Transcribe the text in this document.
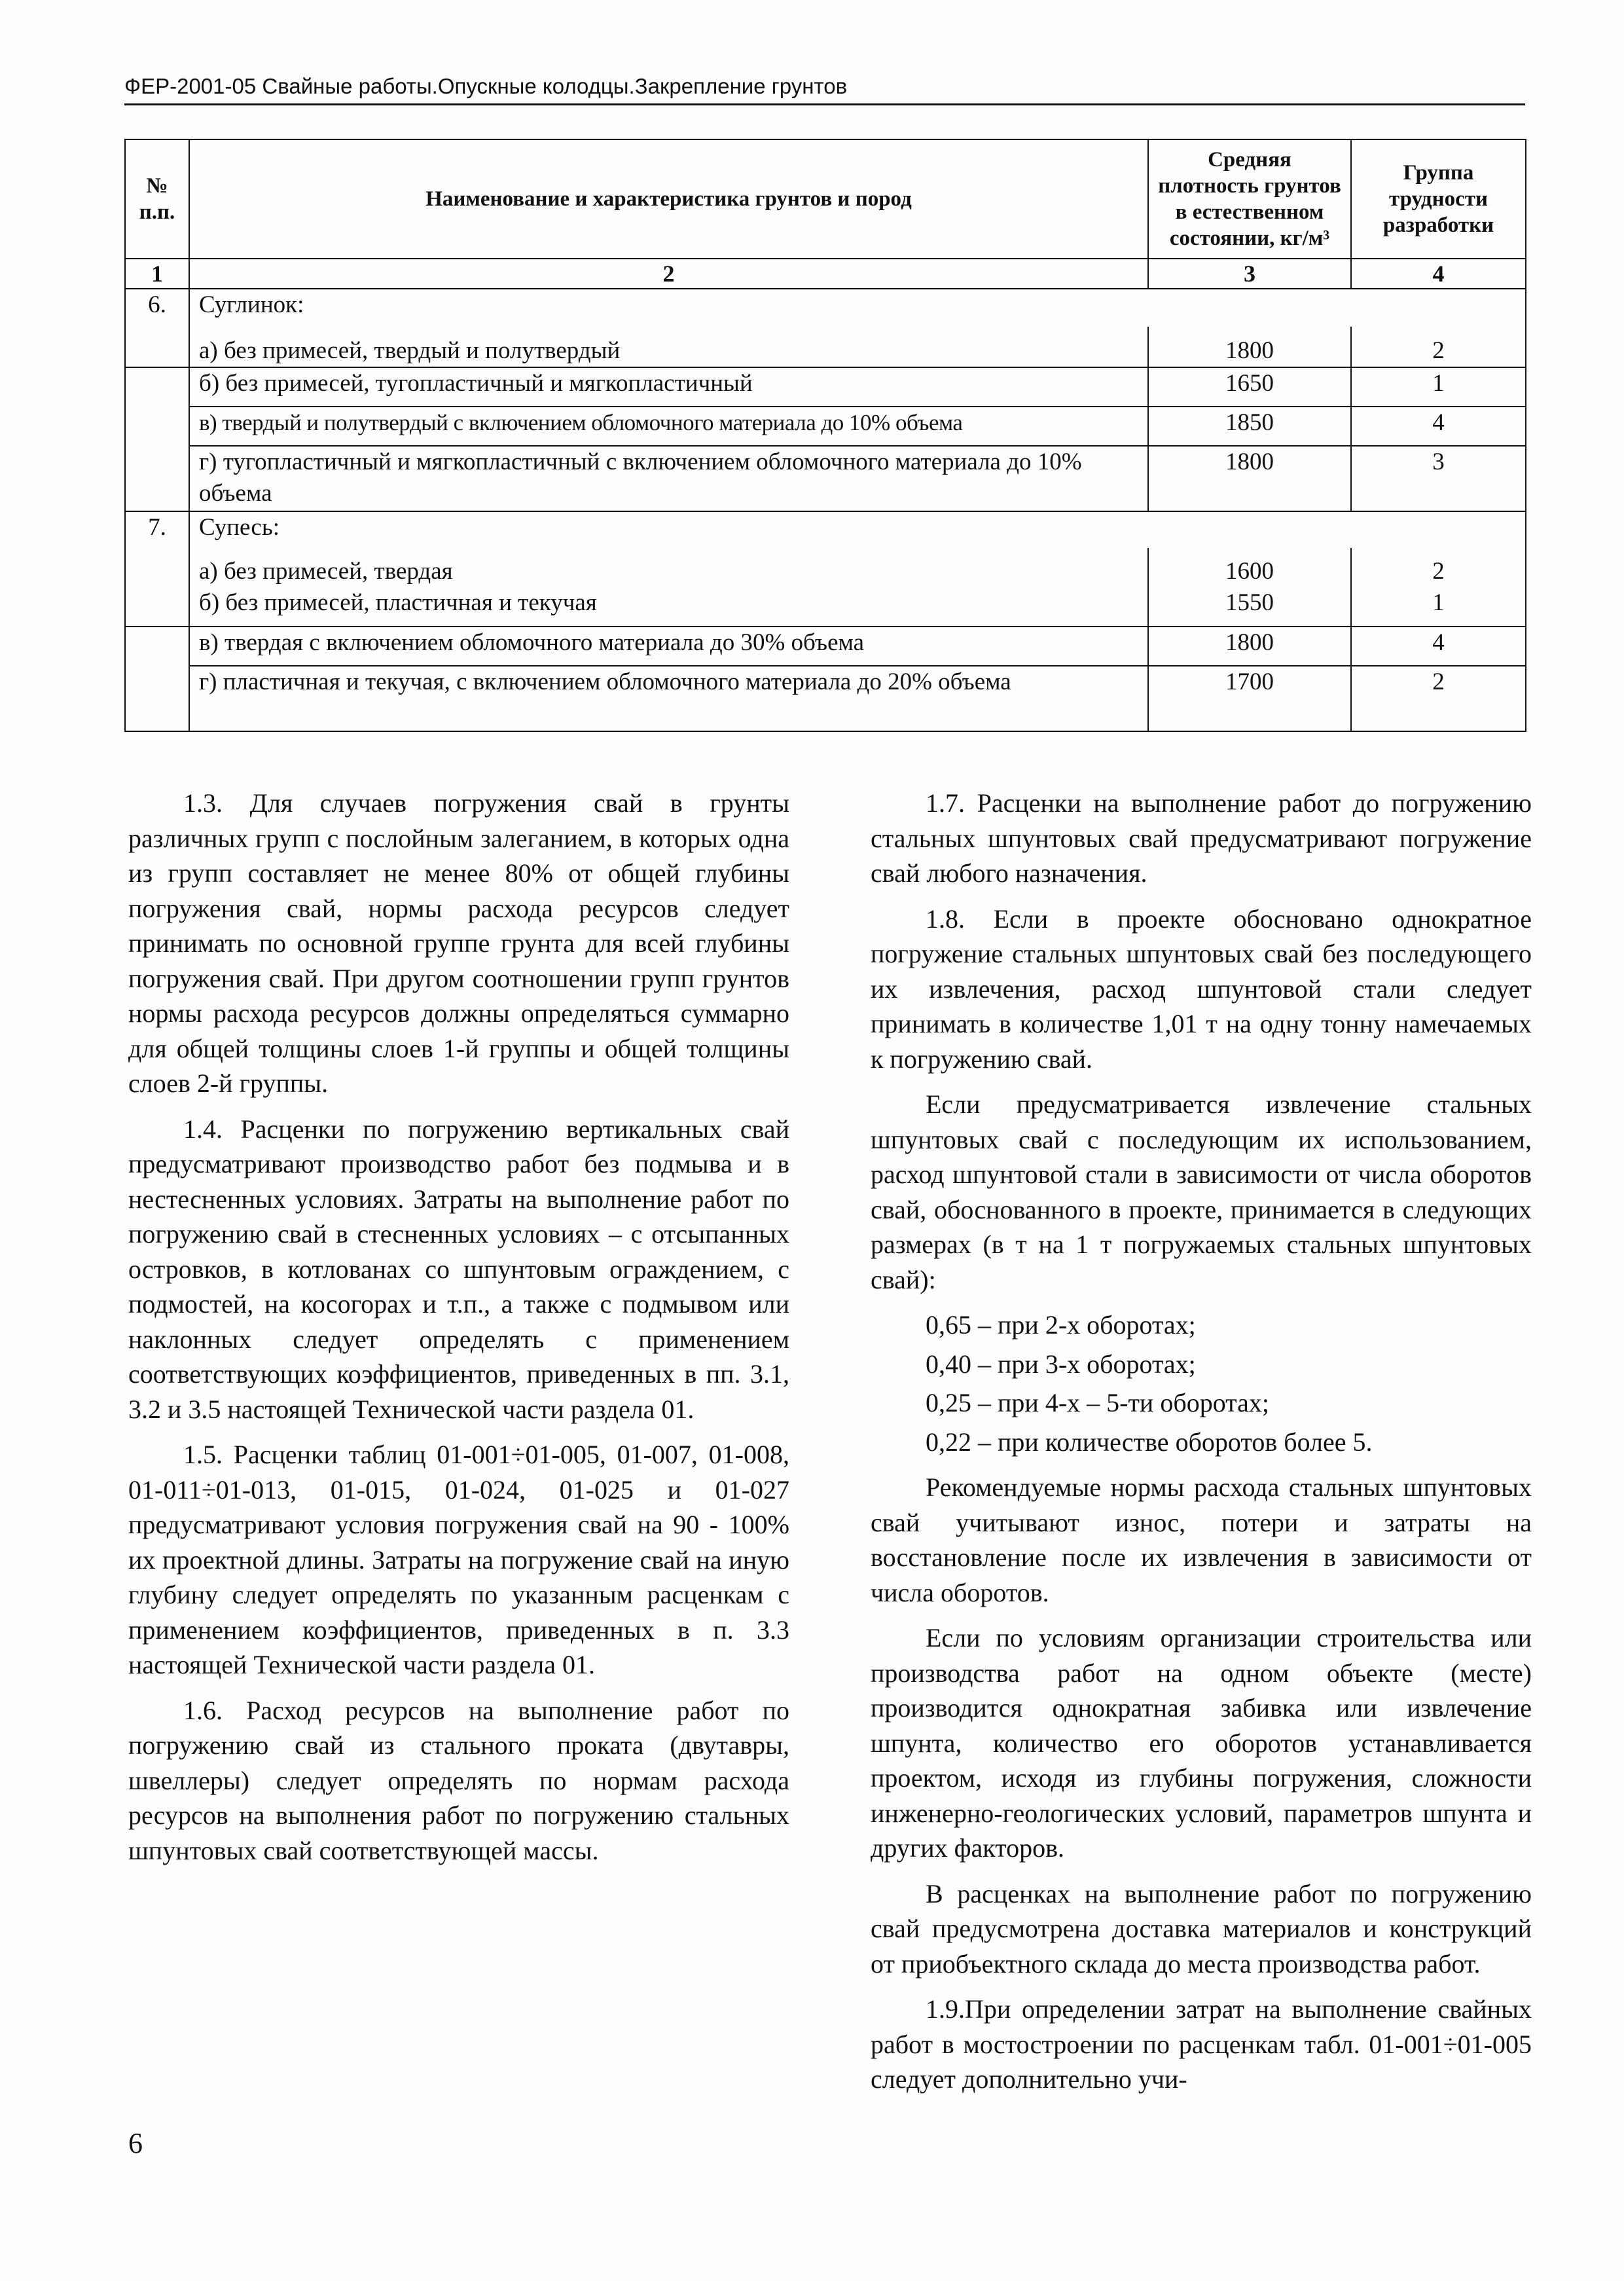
ФЕР-2001-05 Свайные работы.Опускные колодцы.Закрепление грунтов
№ п.п.	Наименование и характеристика грунтов и пород	Средняя плотность грунтов в естественном состоянии, кг/м³	Группа трудности разработки
1	2	3	4
6.	Суглинок:		
	а) без примесей, твердый и полутвердый	1800	2
	б) без примесей, тугопластичный и мягкопластичный	1650	1
	в) твердый и полутвердый с включением обломочного материала до 10% объема	1850	4
	г) тугопластичный и мягкопластичный с включением обломочного материала до 10% объема	1800	3
7.	Супесь:		
	а) без примесей, твердая	1600	2
	б) без примесей, пластичная и текучая	1550	1
	в) твердая с включением обломочного материала до 30% объема	1800	4
	г) пластичная и текучая, с включением обломочного материала до 20% объема	1700	2

1.3. Для случаев погружения свай в грунты различных групп с послойным залеганием, в которых одна из групп составляет не менее 80% от общей глубины погружения свай, нормы расхода ресурсов следует принимать по основной группе грунта для всей глубины погружения свай. При другом соотношении групп грунтов нормы расхода ресурсов должны определяться суммарно для общей толщины слоев 1-й группы и общей толщины слоев 2-й группы.

1.4. Расценки по погружению вертикальных свай предусматривают производство работ без подмыва и в нестесненных условиях. Затраты на выполнение работ по погружению свай в стесненных условиях – с отсыпанных островков, в котлованах со шпунтовым ограждением, с подмостей, на косогорах и т.п., а также с подмывом или наклонных следует определять с применением соответствующих коэффициентов, приведенных в пп. 3.1, 3.2 и 3.5 настоящей Технической части раздела 01.

1.5. Расценки таблиц 01-001÷01-005, 01-007, 01-008, 01-011÷01-013, 01-015, 01-024, 01-025 и 01-027 предусматривают условия погружения свай на 90 - 100% их проектной длины. Затраты на погружение свай на иную глубину следует определять по указанным расценкам с применением коэффициентов, приведенных в п. 3.3 настоящей Технической части раздела 01.

1.6. Расход ресурсов на выполнение работ по погружению свай из стального проката (двутавры, швеллеры) следует определять по нормам расхода ресурсов на выполнения работ по погружению стальных шпунтовых свай соответствующей массы.

1.7. Расценки на выполнение работ до погружению стальных шпунтовых свай предусматривают погружение свай любого назначения.

1.8. Если в проекте обосновано однократное погружение стальных шпунтовых свай без последующего их извлечения, расход шпунтовой стали следует принимать в количестве 1,01 т на одну тонну намечаемых к погружению свай.

Если предусматривается извлечение стальных шпунтовых свай с последующим их использованием, расход шпунтовой стали в зависимости от числа оборотов свай, обоснованного в проекте, принимается в следующих размерах (в т на 1 т погружаемых стальных шпунтовых свай):

0,65 – при 2-х оборотах;

0,40 – при 3-х оборотах;

0,25 – при 4-х – 5-ти оборотах;

0,22 – при количестве оборотов более 5.

Рекомендуемые нормы расхода стальных шпунтовых свай учитывают износ, потери и затраты на восстановление после их извлечения в зависимости от числа оборотов.

Если по условиям организации строительства или производства работ на одном объекте (месте) производится однократная забивка или извлечение шпунта, количество его оборотов устанавливается проектом, исходя из глубины погружения, сложности инженерно-геологических условий, параметров шпунта и других факторов.

В расценках на выполнение работ по погружению свай предусмотрена доставка материалов и конструкций от приобъектного склада до места производства работ.

1.9.При определении затрат на выполнение свайных работ в мостостроении по расценкам табл. 01-001÷01-005 следует дополнительно учи-

6
